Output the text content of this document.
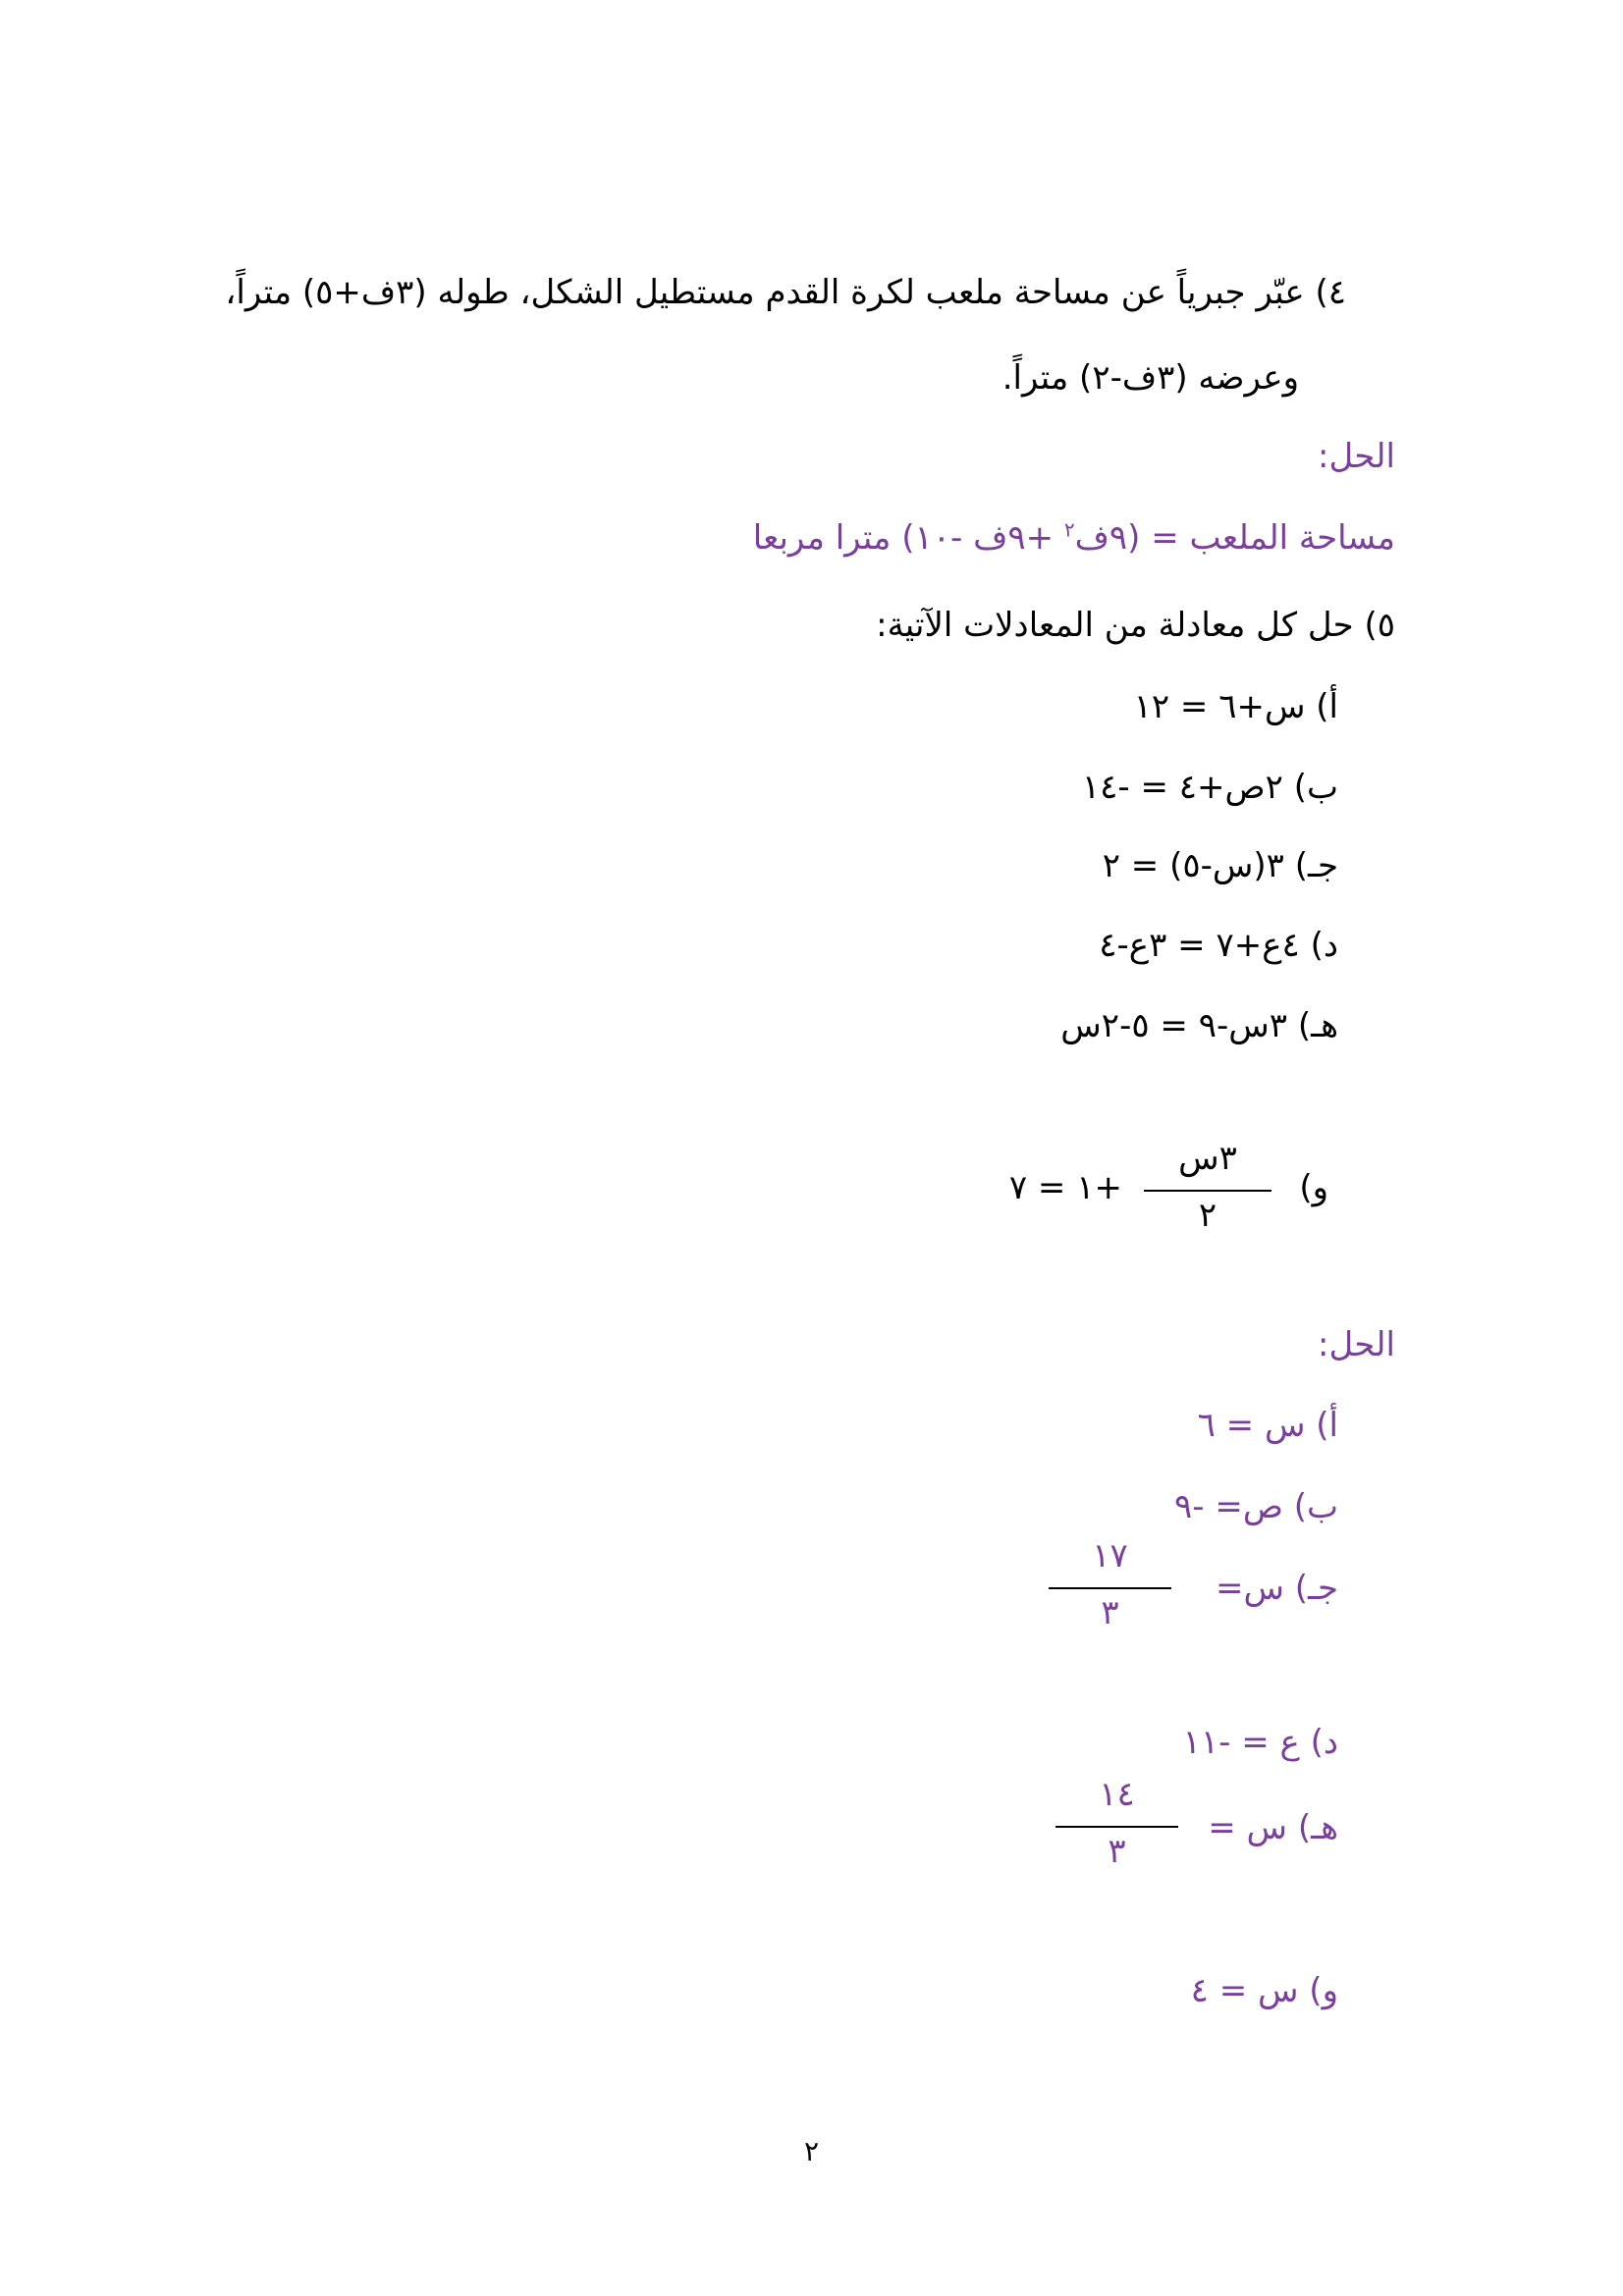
٤) عبّر جبرياً عن مساحة ملعب لكرة القدم مستطيل الشكل، طوله (٣ف+٥) متراً،
وعرضه (٣ف-٢) متراً.
الحل:
مساحة الملعب = (٩ف$^٢$ +٩ف -١٠) مترا مربعا
٥) حل كل معادلة من المعادلات الآتية:
أ) س+٦ = ١٢
ب) ٢ص+٤ = -١٤
جـ) ٣(س-٥) = ٢
د) ٤ع+٧ = ٣ع-٤
هـ) ٣س-٩ = ٥-٢س
و)
٣س
٢
+١ = ٧
الحل:
أ) س = ٦
ب) ص= -٩
جـ) س=
١٧
٣
د) ع = -١١
هـ) س =
١٤
٣
و) س = ٤
٢
